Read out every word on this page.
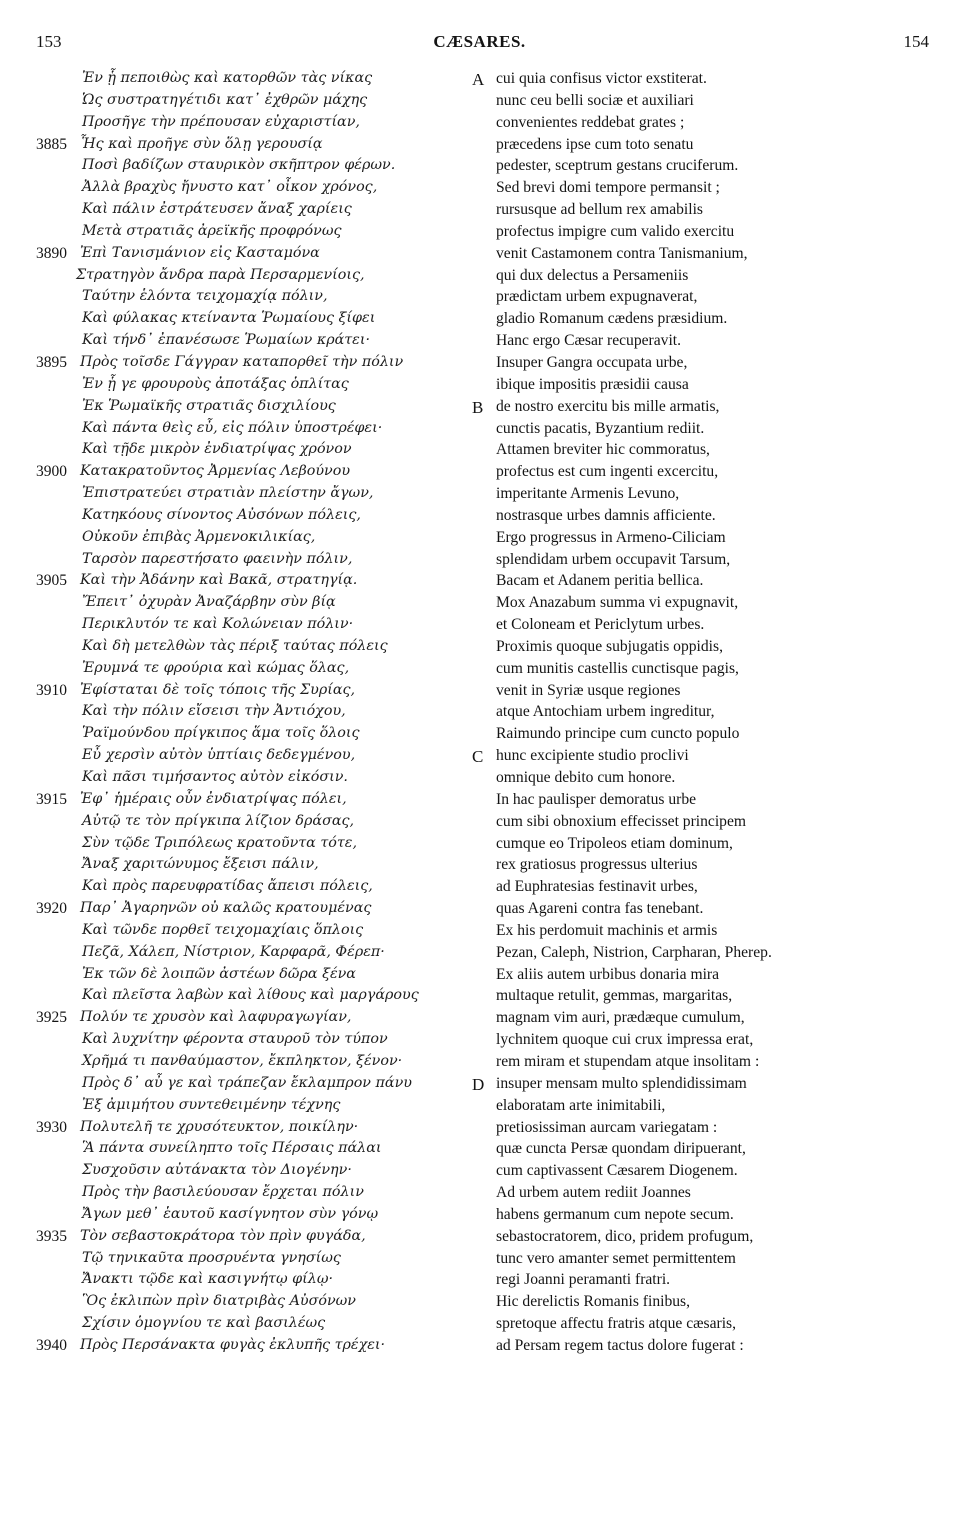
153	CÆSARES.	154
Ἐν ᾗ πεποιθὼς καὶ κατορθῶν τὰς νίκας	A cui quia confisus victor exstiterat.
Ὡς συστρατηγέτιδι κατ᾽ ἐχθρῶν μάχης	nunc ceu belli sociæ et auxiliari
Προσῆγε τὴν πρέπουσαν εὐχαριστίαν,	convenientes reddebat grates ;
3885 Ἧς καὶ προῆγε σὺν ὅλῃ γερουσίᾳ	præcedens ipse cum toto senatu
Ποσὶ βαδίζων σταυρικὸν σκῆπτρον φέρων.	pedester, sceptrum gestans cruciferum.
Ἀλλὰ βραχὺς ἤνυστο κατ᾽ οἶκον χρόνος,	Sed brevi domi tempore permansit ;
Καὶ πάλιν ἐστράτευσεν ἄναξ χαρίεις	rursusque ad bellum rex amabilis
Μετὰ στρατιᾶς ἀρεϊκῆς προφρόνως	profectus impigre cum valido exercitu
3890 Ἐπὶ Τανισμάνιον εἰς Κασταμόνα	venit Castamonem contra Tanismanium,
Στρατηγὸν ἄνδρα παρὰ Περσαρμενίοις,	qui dux delectus a Persameniis
Ταύτην ἑλόντα τειχομαχίᾳ πόλιν,	prædictam urbem expugnaverat,
Καὶ φύλακας κτείναντα Ῥωμαίους ξίφει	gladio Romanum cædens præsidium.
Καὶ τήνδ᾽ ἐπανέσωσε Ῥωμαίων κράτει·	Hanc ergo Cæsar recuperavit.
3895 Πρὸς τοῖσδε Γάγγραν καταπορθεῖ τὴν πόλιν	Insuper Gangra occupata urbe,
Ἐν ᾗ γε φρουροὺς ἀποτάξας ὁπλίτας	ibique impositis præsidii causa
Ἐκ Ῥωμαϊκῆς στρατιᾶς δισχιλίους	B de nostro exercitu bis mille armatis,
Καὶ πάντα θεὶς εὖ, εἰς πόλιν ὑποστρέφει·	cunctis pacatis, Byzantium rediit.
Καὶ τῇδε μικρὸν ἐνδιατρίψας χρόνον	Attamen breviter hic commoratus,
3900 Κατακρατοῦντος Ἀρμενίας Λεβούνου	profectus est cum ingenti excercitu,
Ἐπιστρατεύει στρατιὰν πλείστην ἄγων,	imperitante Armenis Levuno,
Κατηκόους σίνοντος Αὐσόνων πόλεις,	nostrasque urbes damnis afficiente.
Οὐκοῦν ἐπιβὰς Ἀρμενοκιλικίας,	Ergo progressus in Armeno-Ciliciam
Ταρσὸν παρεστήσατο φαεινὴν πόλιν,	splendidam urbem occupavit Tarsum,
3905 Καὶ τὴν Ἀδάνην καὶ Βακᾶ, στρατηγίᾳ.	Bacam et Adanem peritia bellica.
Ἔπειτ᾽ ὀχυρὰν Ἀναζάρβην σὺν βίᾳ	Mox Anazabum summa vi expugnavit,
Περικλυτόν τε καὶ Κολώνειαν πόλιν·	et Coloneam et Periclytum urbes.
Καὶ δὴ μετελθὼν τὰς πέριξ ταύτας πόλεις	Proximis quoque subjugatis oppidis,
Ἐρυμνά τε φρούρια καὶ κώμας ὅλας,	cum munitis castellis cunctisque pagis,
3910 Ἐφίσταται δὲ τοῖς τόποις τῆς Συρίας,	venit in Syriæ usque regiones
Καὶ τὴν πόλιν εἴσεισι τὴν Ἀντιόχου,	atque Antochiam urbem ingreditur,
Ῥαϊμούνδου πρίγκιπος ἅμα τοῖς ὅλοις	Raimundo principe cum cuncto populo
Εὖ χερσὶν αὐτὸν ὑπτίαις δεδεγμένου,	C hunc excipiente studio proclivi
Καὶ πᾶσι τιμήσαντος αὐτὸν εἰκόσιν.	omnique debito cum honore.
3915 Ἐφ᾽ ἡμέραις οὖν ἐνδιατρίψας πόλει,	In hac paulisper demoratus urbe
Αὐτῷ τε τὸν πρίγκιπα λίζιον δράσας,	cum sibi obnoxium effecisset principem
Σὺν τῷδε Τριπόλεως κρατοῦντα τότε,	cumque eo Tripoleos etiam dominum,
Ἄναξ χαριτώνυμος ἔξεισι πάλιν,	rex gratiosus progressus ulterius
Καὶ πρὸς παρευφρατίδας ἄπεισι πόλεις,	ad Euphratesias festinavit urbes,
3920 Παρ᾽ Ἀγαρηνῶν οὐ καλῶς κρατουμένας	quas Agareni contra fas tenebant.
Καὶ τῶνδε πορθεῖ τειχομαχίαις ὅπλοις	Ex his perdomuit machinis et armis
Πεζᾶ, Χάλεπ, Νίστριον, Καρφαρᾶ, Φέρεπ·	Pezan, Caleph, Nistrion, Carpharan, Pherep.
Ἐκ τῶν δὲ λοιπῶν ἀστέων δῶρα ξένα	Ex aliis autem urbibus donaria mira
Καὶ πλεῖστα λαβὼν καὶ λίθους καὶ μαργάρους	multaque retulit, gemmas, margaritas,
3925 Πολύν τε χρυσὸν καὶ λαφυραγωγίαν,	magnam vim auri, prædæque cumulum,
Καὶ λυχνίτην φέροντα σταυροῦ τὸν τύπον	lychnitem quoque cui crux impressa erat,
Χρῆμά τι πανθαύμαστον, ἔκπληκτον, ξένον·	rem miram et stupendam atque insolitam :
Πρὸς δ᾽ αὖ γε καὶ τράπεζαν ἔκλαμπρον πάνυ	D insuper mensam multo splendidissimam
Ἐξ ἀμιμήτου συντεθειμένην τέχνης	elaboratam arte inimitabili,
3930 Πολυτελῆ τε χρυσότευκτον, ποικίλην·	pretiosissiman aurcam variegatam :
Ἃ πάντα συνείληπτο τοῖς Πέρσαις πάλαι	quæ cuncta Persæ quondam diripuerant,
Συσχοῦσιν αὐτάνακτα τὸν Διογένην·	cum captivassent Cæsarem Diogenem.
Πρὸς τὴν βασιλεύουσαν ἔρχεται πόλιν	Ad urbem autem rediit Joannes
Ἄγων μεθ᾽ ἑαυτοῦ κασίγνητον σὺν γόνῳ	habens germanum cum nepote secum.
3935 Τὸν σεβαστοκράτορα τὸν πρὶν φυγάδα,	sebastocratorem, dico, pridem profugum,
Τῷ τηνικαῦτα προσρυέντα γνησίως	tunc vero amanter semet permittentem
Ἄνακτι τῷδε καὶ κασιγνήτῳ φίλῳ·	regi Joanni peramanti fratri.
Ὃς ἐκλιπὼν πρὶν διατριβὰς Αὐσόνων	Hic derelictis Romanis finibus,
Σχίσιν ὁμογνίου τε καὶ βασιλέως	spretoque affectu fratris atque cæsaris,
3940 Πρὸς Περσάνακτα φυγὰς ἐκλυπῆς τρέχει·	ad Persam regem tactus dolore fugerat :
